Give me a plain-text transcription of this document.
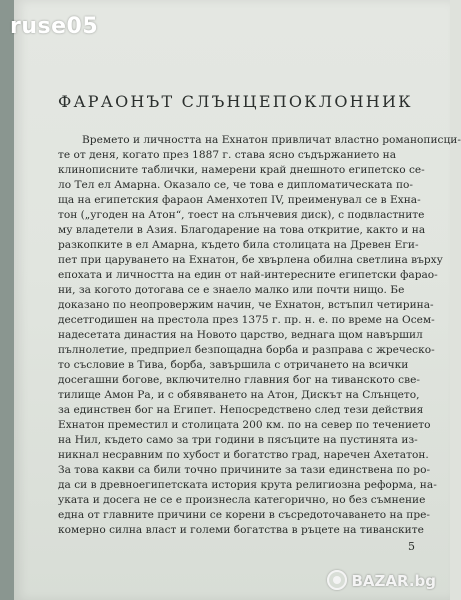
ruse05
ФАРАОНЪТ СЛЪНЦЕПОКЛОННИК
Времето и личността на Ехнатон привличат властно романописци-
те от деня, когато през 1887 г. става ясно съдържанието на
клинописните таблички, намерени край днешното египетско се-
ло Тел ел Амарна. Оказало се, че това е дипломатическата по-
ща на египетския фараон Аменхотеп IV, преименувал се в Ехна-
тон („угоден на Атон“, тоест на слънчевия диск), с подвластните
му владетели в Азия. Благодарение на това откритие, както и на
разкопките в ел Амарна, където била столицата на Древен Еги-
пет при царуването на Ехнатон, бе хвърлена обилна светлина върху
епохата и личността на един от най-интересните египетски фарао-
ни, за когото дотогава се е знаело малко или почти нищо. Бе
доказано по неопровержим начин, че Ехнатон, встъпил четирина-
десетгодишен на престола през 1375 г. пр. н. е. по време на Осем-
надесетата династия на Новото царство, веднага щом навършил
пълнолетие, предприел безпощадна борба и разправа с жреческо-
то съсловие в Тива, борба, завършила с отричането на всички
досегашни богове, включително главния бог на тиванското све-
тилище Амон Ра, и с обявяването на Атон, Дискът на Слънцето,
за единствен бог на Египет. Непосредствено след тези действия
Ехнатон преместил и столицата 200 км. по на север по течението
на Нил, където само за три години в пясъците на пустинята из-
никнал несравним по хубост и богатство град, наречен Ахетатон.
За това какви са били точно причините за тази единствена по ро-
да си в древноегипетската история крута религиозна реформа, на-
уката и досега не се е произнесла категорично, но без съмнение
една от главните причини се корени в съсредоточаването на пре-
комерно силна власт и големи богатства в ръцете на тиванските
5
BAZAR.bg
